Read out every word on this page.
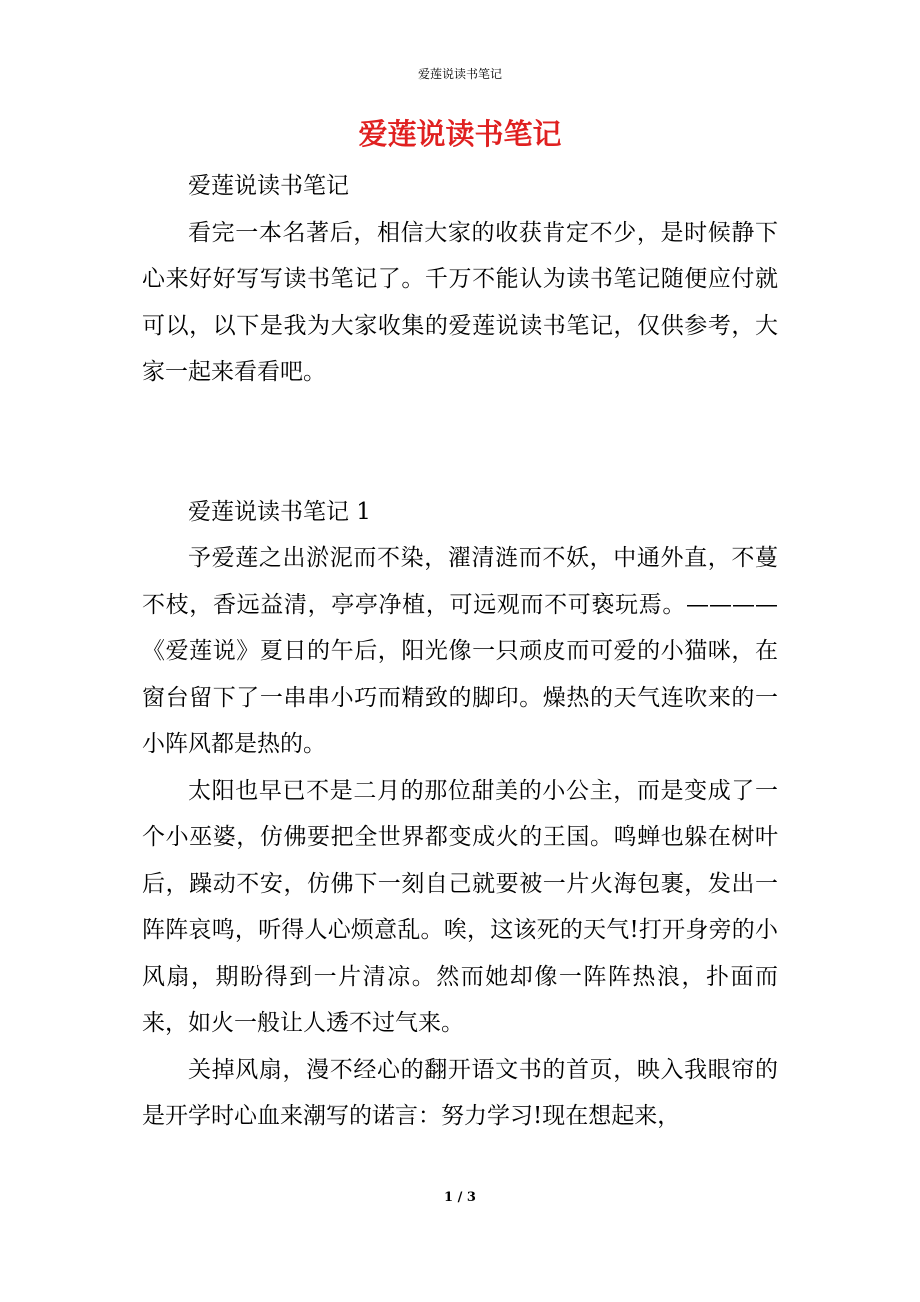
爱莲说读书笔记
爱莲说读书笔记

爱莲说读书笔记

看完一本名著后，相信大家的收获肯定不少，是时候静下心来好好写写读书笔记了。千万不能认为读书笔记随便应付就可以，以下是我为大家收集的爱莲说读书笔记，仅供参考，大家一起来看看吧。

爱莲说读书笔记 1

予爱莲之出淤泥而不染，濯清涟而不妖，中通外直，不蔓不枝，香远益清，亭亭净植，可远观而不可亵玩焉。————《爱莲说》夏日的午后，阳光像一只顽皮而可爱的小猫咪，在窗台留下了一串串小巧而精致的脚印。燥热的天气连吹来的一小阵风都是热的。

太阳也早已不是二月的那位甜美的小公主，而是变成了一个小巫婆，仿佛要把全世界都变成火的王国。鸣蝉也躲在树叶后，躁动不安，仿佛下一刻自己就要被一片火海包裹，发出一阵阵哀鸣，听得人心烦意乱。唉，这该死的天气!打开身旁的小风扇，期盼得到一片清凉。然而她却像一阵阵热浪，扑面而来，如火一般让人透不过气来。

关掉风扇，漫不经心的翻开语文书的首页，映入我眼帘的是开学时心血来潮写的诺言：努力学习!现在想起来，

1 / 3
